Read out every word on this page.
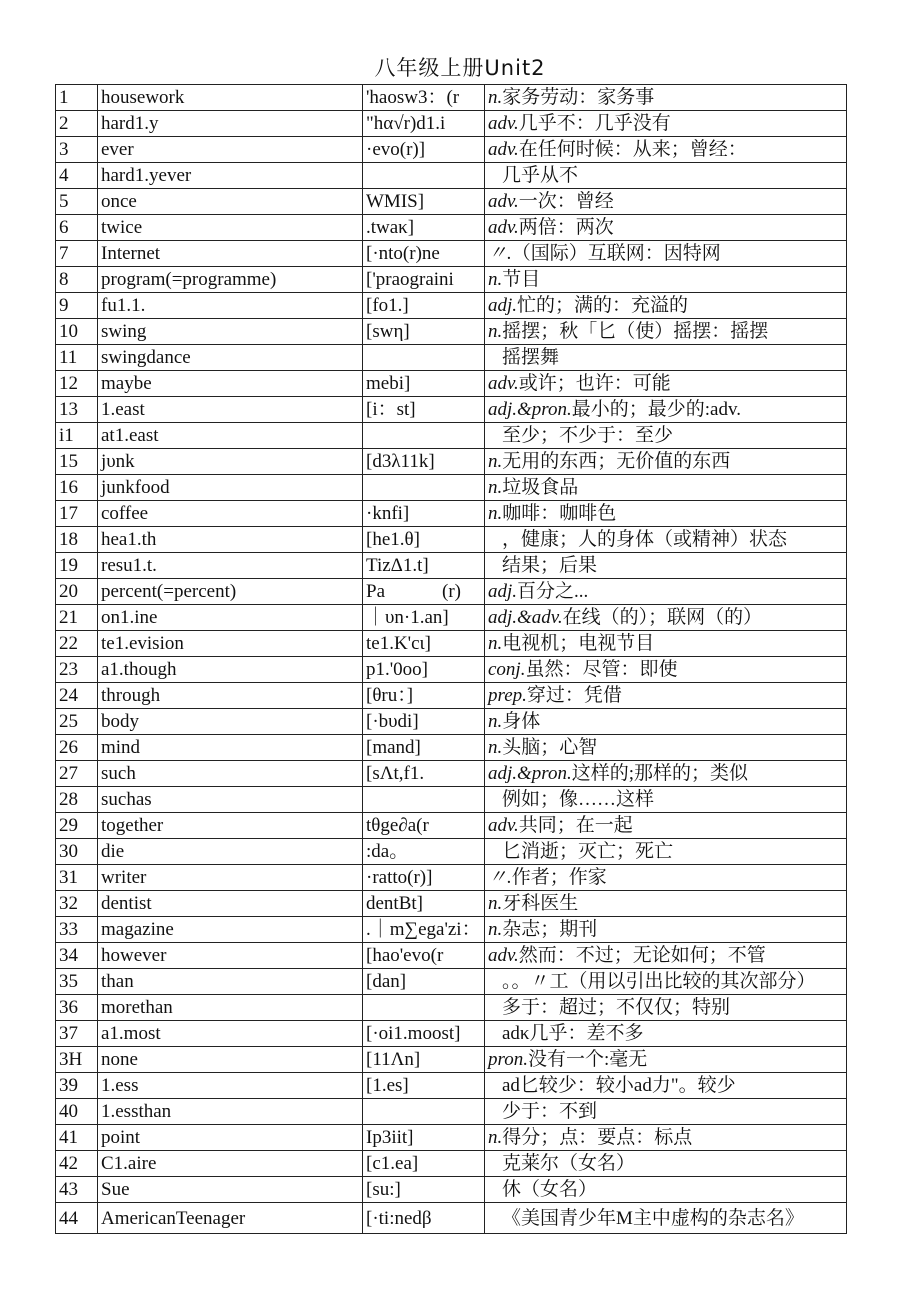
八年级上册Unit2
1	housework	'haosw3：(r	n.家务劳动：家务事
2	hard1.y	"hα√r)d1.i	adv.几乎不：几乎没有
3	ever	·evo(r)]	adv.在任何时候：从来；曾经：
4	hard1.yever		几乎从不
5	once	WMIS]	adv.一次：曾经
6	twice	.twaκ]	adv.两倍：两次
7	Internet	[·nto(r)ne	〃.（国际）互联网：因特网
8	program(=programme)	['praograini	n.节目
9	fu1.1.	[fo1.]	adj.忙的；满的：充溢的
10	swing	[swη]	n.摇摆；秋「匕（使）摇摆：摇摆
11	swingdance		摇摆舞
12	maybe	mebi]	adv.或许；也许：可能
13	1.east	[i：st]	adj.&pron.最小的；最少的:adv.
i1	at1.east		至少；不少于：至少
15	jυnk	[d3λ11k]	n.无用的东西；无价值的东西
16	junkfood		n.垃圾食品
17	coffee	·knfi]	n.咖啡：咖啡色
18	hea1.th	[he1.θ]	，健康；人的身体（或精神）状态
19	resu1.t.	TizΔ1.t]	结果；后果
20	percent(=percent)	Pa　　　(r)	adj.百分之...
21	on1.ine	｜υn·1.an]	adj.&adv.在线（的）；联网（的）
22	te1.evision	te1.K'cι]	n.电视机；电视节目
23	a1.though	p1.'0oo]	conj.虽然：尽管：即使
24	through	[θru：]	prep.穿过：凭借
25	body	[·bυdi]	n.身体
26	mind	[mand]	n.头脑；心智
27	such	[sΛt,f1.	adj.&pron.这样的;那样的；类似
28	suchas		例如；像……这样
29	together	tθge∂a(r	adv.共同；在一起
30	die	:da。	匕消逝；灭亡；死亡
31	writer	·ratto(r)]	〃.作者；作家
32	dentist	dentBt]	n.牙科医生
33	magazine	.｜m∑ega'zi：	n.杂志；期刊
34	however	[hao'evo(r	adv.然而：不过；无论如何；不管
35	than	[dan]	。。〃工（用以引出比较的其次部分）
36	morethan		多于：超过；不仅仅；特别
37	a1.most	[·oi1.moost]	adκ几乎：差不多
3H	none	[11Λn]	pron.没有一个:毫无
39	1.ess	[1.es]	ad匕较少：较小ad力"。较少
40	1.essthan		少于：不到
41	point	Ip3iit]	n.得分；点：要点：标点
42	C1.aire	[c1.ea]	克莱尔（女名）
43	Sue	[su:]	休（女名）
44	AmericanTeenager	[·ti:nedβ	《美国青少年M主中虚构的杂志名》
